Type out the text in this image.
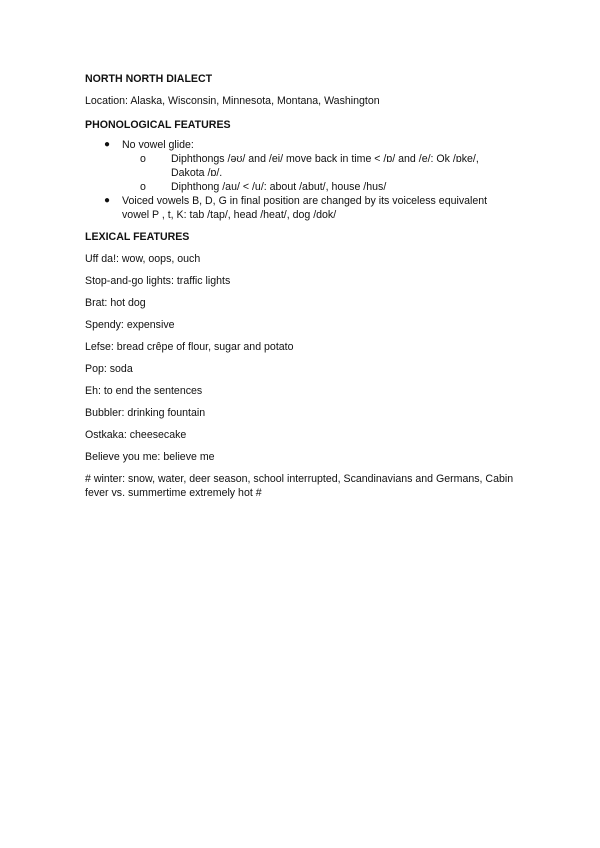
NORTH NORTH DIALECT
Location: Alaska, Wisconsin, Minnesota, Montana, Washington
PHONOLOGICAL FEATURES
● No vowel glide:
o Diphthongs /əʊ/ and /ei/ move back in time < /ɒ/ and /e/: Ok /ɒke/, Dakota /ɒ/.
o Diphthong /au/ < /u/: about /abut/, house /hus/
● Voiced vowels B, D, G in final position are changed by its voiceless equivalent vowel P , t, K: tab /tap/, head /heat/, dog /dok/
LEXICAL FEATURES

Uff da!: wow, oops, ouch

Stop-and-go lights: traffic lights

Brat: hot dog

Spendy: expensive

Lefse: bread crêpe of flour, sugar and potato

Pop: soda

Eh: to end the sentences

Bubbler: drinking fountain

Ostkaka: cheesecake

Believe you me: believe me

# winter: snow, water, deer season, school interrupted, Scandinavians and Germans, Cabin fever vs. summertime extremely hot #
